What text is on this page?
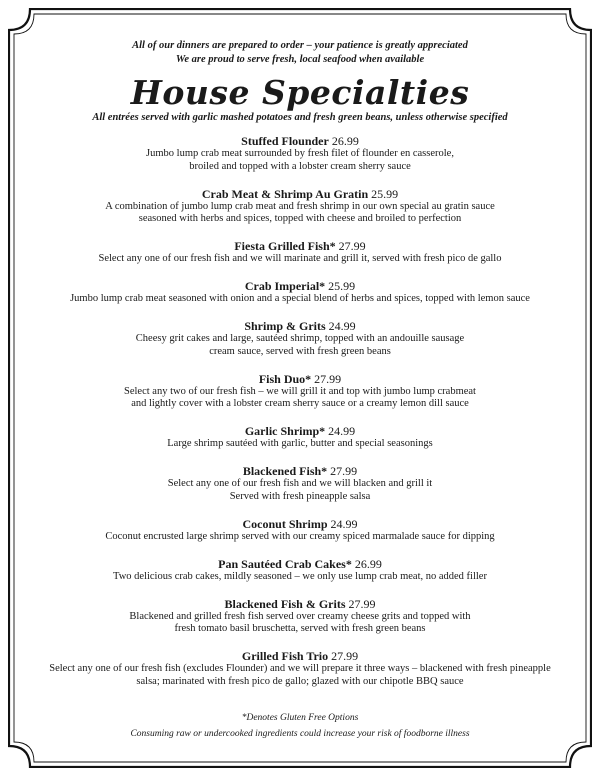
All of our dinners are prepared to order – your patience is greatly appreciated

We are proud to serve fresh, local seafood when available

House Specialties

All entrées served with garlic mashed potatoes and fresh green beans, unless otherwise specified

Stuffed Flounder 26.99

Jumbo lump crab meat surrounded by fresh filet of flounder en casserole,

broiled and topped with a lobster cream sherry sauce

Crab Meat & Shrimp Au Gratin 25.99

A combination of jumbo lump crab meat and fresh shrimp in our own special au gratin sauce

seasoned with herbs and spices, topped with cheese and broiled to perfection

Fiesta Grilled Fish* 27.99

Select any one of our fresh fish and we will marinate and grill it, served with fresh pico de gallo

Crab Imperial* 25.99

Jumbo lump crab meat seasoned with onion and a special blend of herbs and spices, topped with lemon sauce

Shrimp & Grits 24.99

Cheesy grit cakes and large, sautéed shrimp, topped with an andouille sausage

cream sauce, served with fresh green beans

Fish Duo* 27.99

Select any two of our fresh fish – we will grill it and top with jumbo lump crabmeat

and lightly cover with a lobster cream sherry sauce or a creamy lemon dill sauce

Garlic Shrimp* 24.99

Large shrimp sautéed with garlic, butter and special seasonings

Blackened Fish* 27.99

Select any one of our fresh fish and we will blacken and grill it

Served with fresh pineapple salsa

Coconut Shrimp 24.99

Coconut encrusted large shrimp served with our creamy spiced marmalade sauce for dipping

Pan Sautéed Crab Cakes* 26.99

Two delicious crab cakes, mildly seasoned – we only use lump crab meat, no added filler

Blackened Fish & Grits 27.99

Blackened and grilled fresh fish served over creamy cheese grits and topped with

fresh tomato basil bruschetta, served with fresh green beans

Grilled Fish Trio 27.99

Select any one of our fresh fish (excludes Flounder) and we will prepare it three ways – blackened with fresh pineapple

salsa; marinated with fresh pico de gallo; glazed with our chipotle BBQ sauce

*Denotes Gluten Free Options

Consuming raw or undercooked ingredients could increase your risk of foodborne illness
